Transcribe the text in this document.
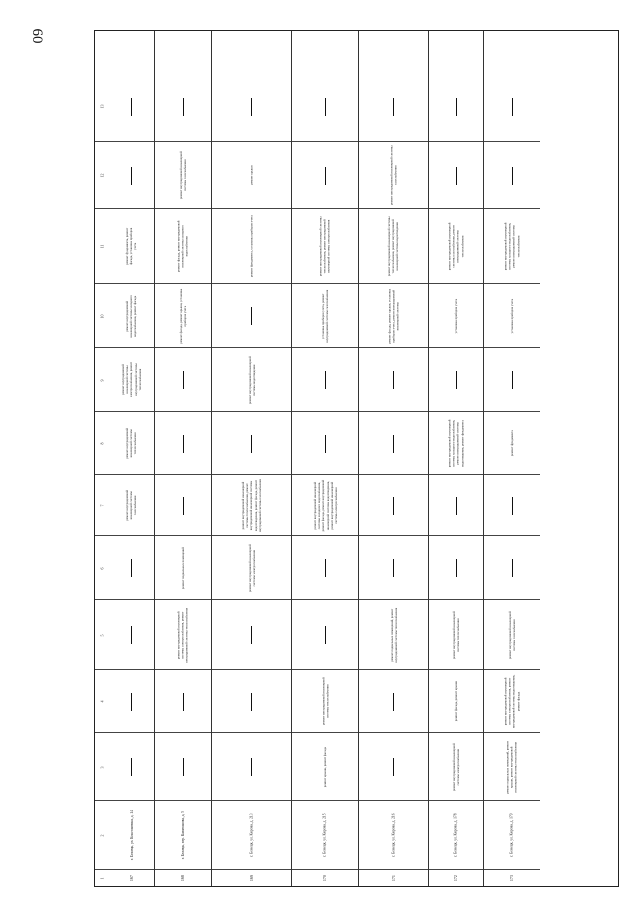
60
1
2
3
4
5
6
7
8
9
10
11
12
13
167
г. Бежецк, ул. Константина, д. 14
ремонт внутридомовой инженерной системы газоснабжения
ремонт внутридомовой инженерной системы теплоснабжения
ремонт внутридомовой инженерной системы электроснабжения, ремонт внутридомовой системы теплоснабжения
ремонт внутридомовой инженерной системы холодного водоснабжения, ремонт фасада
ремонт фундамента, ремонт фасада, установка приборов учета
168
г. Бежецк, пер. Капитанова, д. 5
ремонт внутридомовой инженерной системы электроснабжения, ремонт внутридомовой системы теплоснабжения
ремонт подвальных помещений
ремонт фасада, ремонт крыши, установка приборов учета
ремонт фасада, ремонт внутридомовой инженерной системы холодного водоснабжения
ремонт внутридомовой инженерной системы газоснабжения
169
г. Бежецк, ул. Кирова, д. 213
ремонт внутридомовой инженерной системы электроснабжения
ремонт внутридомовой инженерной системы теплоснабжения, ремонт внутридомовой инженерной системы водоотведения, ремонт фасада, ремонт внутридомовой системы газоснабжения
ремонт внутридомовой инженерной системы водоотведения
ремонт фундамента, установка приборов учета
ремонт крыши
170
г. Бежецк, ул. Кирова, д. 215
ремонт крыши, ремонт фасада
ремонт внутридомовой инженерной системы теплоснабжения
ремонт внутридомовой инженерной системы холодного водоснабжения, ремонт фасада, ремонт внутридомовой инженерной системы водоотведения, ремонт внутридомовой инженерной системы электроснабжения
установка приборов учета, ремонт внутридомовой системы газоснабжения
ремонт внутридомовой инженерной системы теплоснабжения, ремонт внутридомовой инженерной системы электроснабжения
171
г. Бежецк, ул. Кирова, д. 216
ремонт подвальных помещений, ремонт внутридомовой системы теплоснабжения
ремонт фасада, ремонт крыши, установка приборов учета, ремонт внутридомовой инженерной системы
ремонт внутридомовой инженерной системы теплоснабжения, ремонт внутридомовой инженерной системы водоотведения
ремонт внутридомовой инженерной системы газоснабжения
172
г. Бежецк, ул. Кирова, д. 178
ремонт внутридомовой инженерной системы электроснабжения
ремонт фасада, ремонт крыши
ремонт внутридомовой инженерной системы теплоснабжения
ремонт внутридомовой инженерной системы холодного водоснабжения, ремонт внутридомовой системы водоотведения, ремонт фундамента
установка приборов учета
ремонт внутридомовой инженерной системы газоснабжения, ремонт внутридомовой системы теплоснабжения
173
г. Бежецк, ул. Кирова, д. 179
ремонт подвальных помещений, ремонт крыши, ремонт внутридомовой инженерной системы теплоснабжения
ремонт внутридомовой инженерной системы электроснабжения, ремонт внутридомовой системы водоотведения, ремонт фасада
ремонт внутридомовой инженерной системы газоснабжения
ремонт фундамента
установка приборов учета
ремонт внутридомовой инженерной системы холодного водоснабжения, ремонт внутридомовой системы теплоснабжения
